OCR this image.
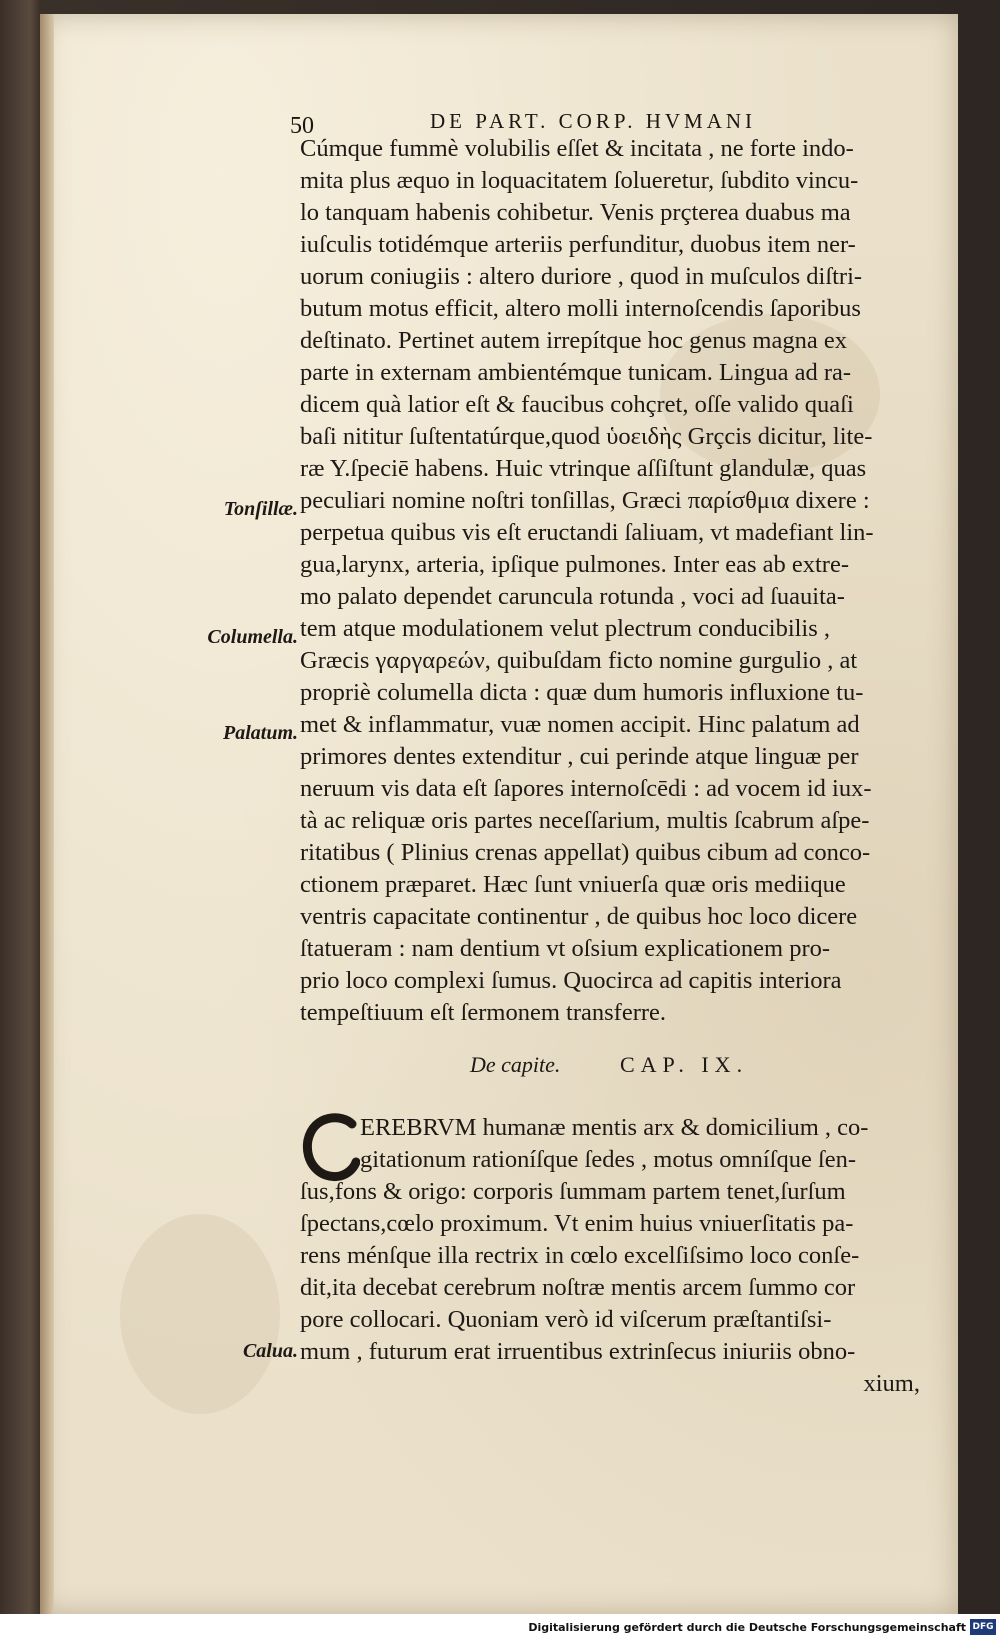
50	DE PART. CORP. HVMANI
Cúmque fummè volubilis eſſet & incitata , ne forte indo-
mita plus æquo in loquacitatem ſolueretur, ſubdito vincu-
lo tanquam habenis cohibetur. Venis prçterea duabus ma
iuſculis totidémque arteriis perfunditur, duobus item ner-
uorum coniugiis : altero duriore , quod in muſculos diſtri-
butum motus efficit, altero molli internoſcendis ſaporibus
deſtinato. Pertinet autem irrepítque hoc genus magna ex
parte in externam ambientémque tunicam. Lingua ad ra-
dicem quà latior eſt & faucibus cohçret, oſſe valido quaſi
baſi nititur ſuſtentatúrque,quod ὑοειδὴς Grçcis dicitur, lite-
ræ Y.ſpeciē habens. Huic vtrinque aſſiſtunt glandulæ, quas
peculiari nomine noſtri tonſillas, Græci παρίσθμια dixere :
perpetua quibus vis eſt eructandi ſaliuam, vt madefiant lin-
gua,larynx, arteria, ipſique pulmones. Inter eas ab extre-
mo palato dependet caruncula rotunda , voci ad ſuauita-
tem atque modulationem velut plectrum conducibilis ,
Græcis γαργαρεών, quibuſdam ficto nomine gurgulio , at
propriè columella dicta : quæ dum humoris influxione tu-
met & inflammatur, vuæ nomen accipit. Hinc palatum ad
primores dentes extenditur , cui perinde atque linguæ per
neruum vis data eſt ſapores internoſcēdi : ad vocem id iux-
tà ac reliquæ oris partes neceſſarium, multis ſcabrum aſpe-
ritatibus ( Plinius crenas appellat) quibus cibum ad conco-
ctionem præparet. Hæc ſunt vniuerſa quæ oris mediique
ventris capacitate continentur , de quibus hoc loco dicere
ſtatueram : nam dentium vt oſsium explicationem pro-
prio loco complexi ſumus. Quocirca ad capitis interiora
tempeſtiuum eſt ſermonem transferre.
Tonſillæ.
Columella.
Palatum.
De capite.	CAP. IX.
EREBRVM humanæ mentis arx & domicilium , co-
gitationum rationíſque ſedes , motus omníſque ſen-
ſus,fons & origo: corporis ſummam partem tenet,ſurſum
ſpectans,cœlo proximum. Vt enim huius vniuerſitatis pa-
rens ménſque illa rectrix in cœlo excelſiſsimo loco conſe-
dit,ita decebat cerebrum noſtræ mentis arcem ſummo cor
pore collocari. Quoniam verò id viſcerum præſtantiſsi-
mum , futurum erat irruentibus extrinſecus iniuriis obno-
xium,
Calua.
Digitalisierung gefördert durch die Deutsche Forschungsgemeinschaft DFG
